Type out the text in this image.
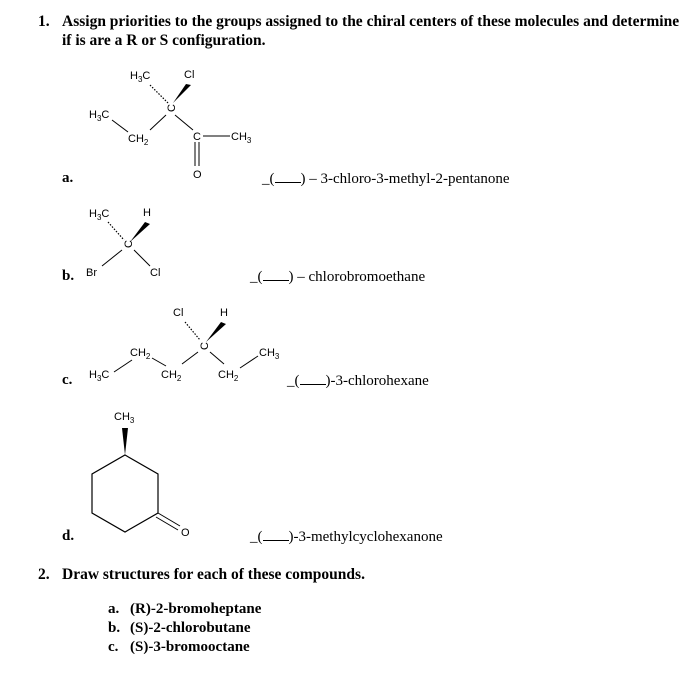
1. Assign priorities to the groups assigned to the chiral centers of these molecules and determine if is are a R or S configuration.
a.
$H_3C$	Cl
C
$H_3C$
$CH_2$	C	$CH_3$
O	_( ) – 3-chloro-3-methyl-2-pentanone
b.
$H_3C$	H
C
Br	Cl	_( ) – chlorobromoethane
c.
Cl	H
C
$CH_2$
$CH_2$
$H_3C$	$CH_2$
$CH_3$
_( )-3-chlorohexane
d.
$CH_3$
O	_( )-3-methylcyclohexanone
2. Draw structures for each of these compounds.
a. (R)-2-bromoheptane
b. (S)-2-chlorobutane
c. (S)-3-bromooctane
